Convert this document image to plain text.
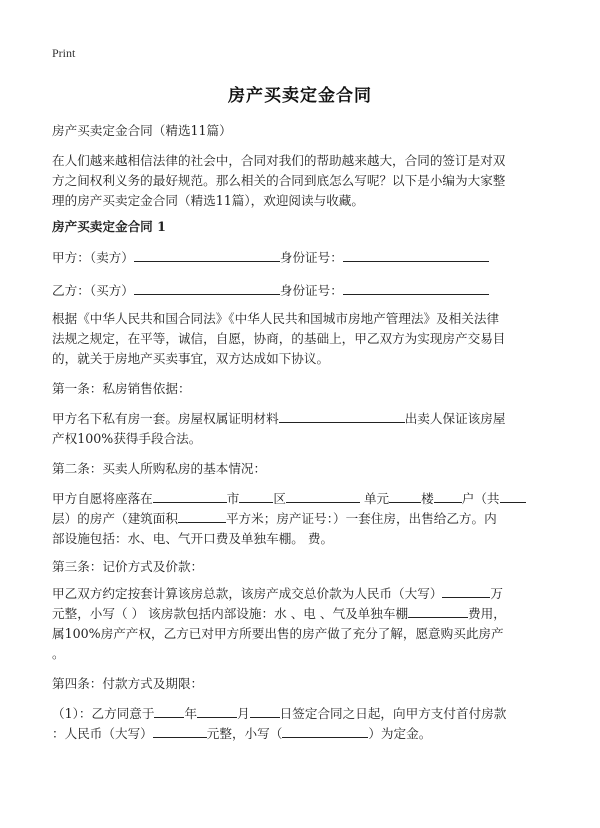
Print
房产买卖定金合同
房产买卖定金合同（精选11篇）
在人们越来越相信法律的社会中，合同对我们的帮助越来越大，合同的签订是对双
方之间权利义务的最好规范。那么相关的合同到底怎么写呢？以下是小编为大家整
理的房产买卖定金合同（精选11篇），欢迎阅读与收藏。
房产买卖定金合同 1
甲方：（卖方）	身份证号：
乙方：（买方）	身份证号：
根据《中华人民共和国合同法》《中华人民共和国城市房地产管理法》及相关法律
法规之规定，在平等，诚信，自愿，协商，的基础上，甲乙双方为实现房产交易目
的，就关于房地产买卖事宜，双方达成如下协议。
第一条：私房销售依据：
甲方名下私有房一套。房屋权属证明材料	出卖人保证该房屋
产权100%获得手段合法。
第二条：买卖人所购私房的基本情况：
甲方自愿将座落在	市	区	单元	楼 户（共
层）的房产（建筑面积	平方米；房产证号：）一套住房，出售给乙方。内
部设施包括：水、电、气开口费及单独车棚。 费。
第三条：记价方式及价款：
甲乙双方约定按套计算该房总款，该房产成交总价款为人民币（大写）	万
元整，小写（ ） 该房款包括内部设施：水 、电 、气及单独车棚	费用，
属100%房产产权，乙方已对甲方所要出售的房产做了充分了解，愿意购买此房产
。
第四条：付款方式及期限：
（1）：乙方同意于 年	月 日签定合同之日起，向甲方支付首付房款
：人民币（大写）	元整，小写（	）为定金。
